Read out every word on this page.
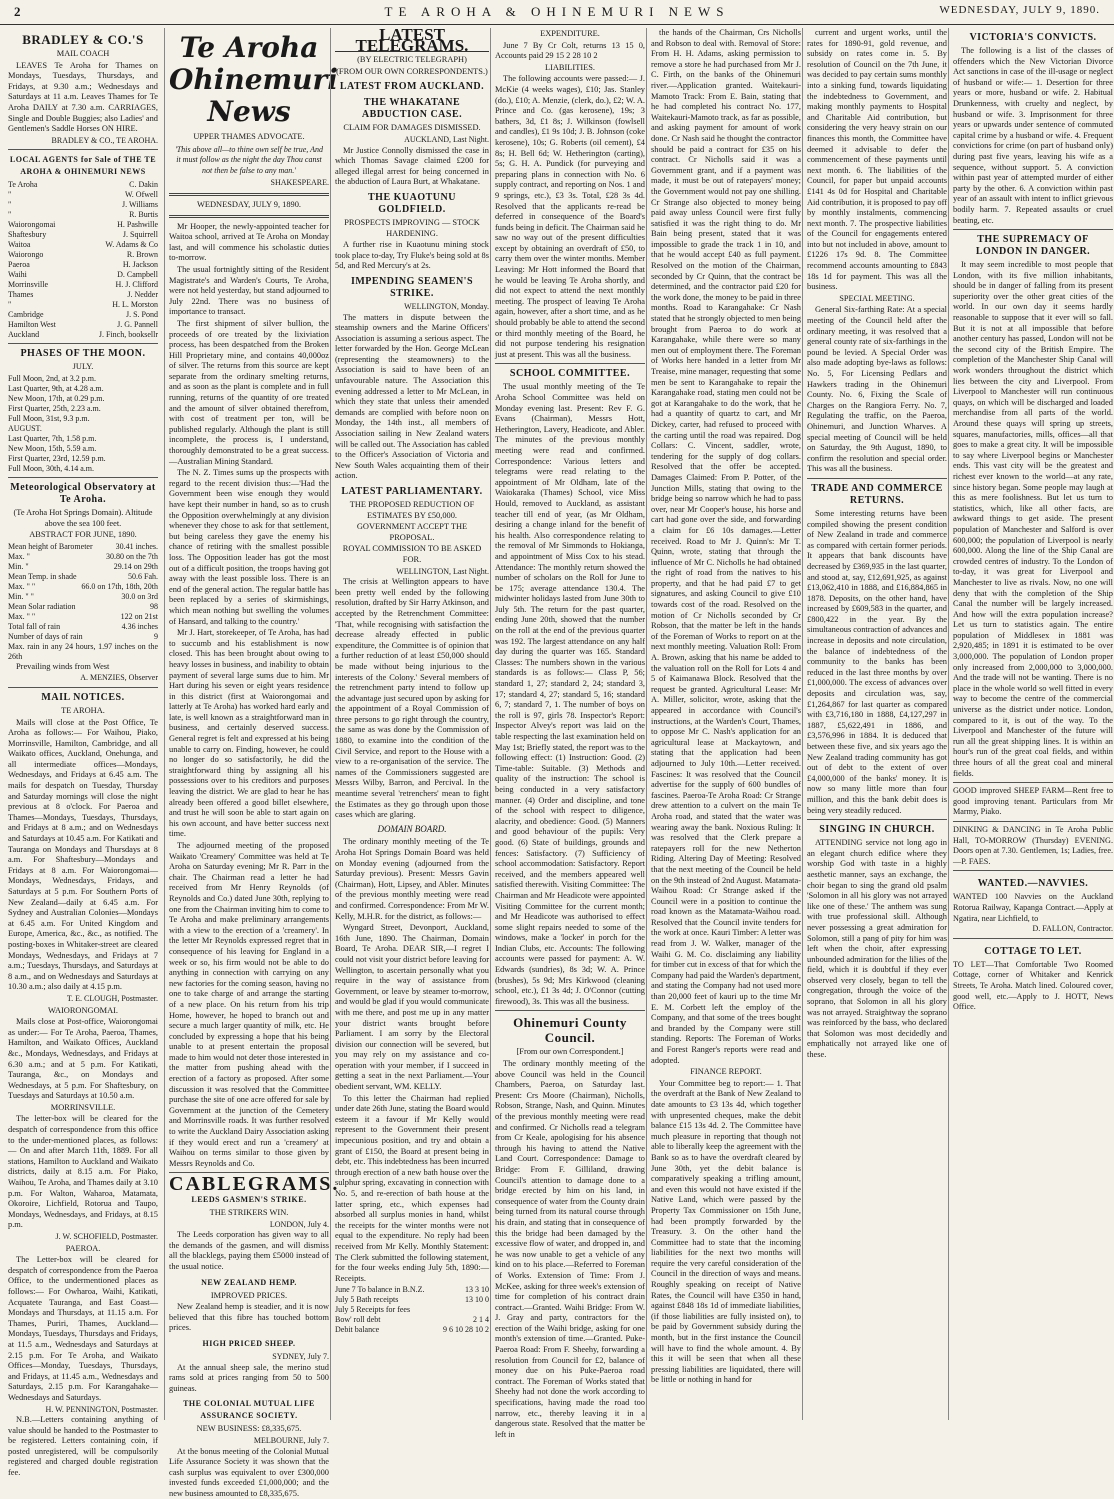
2	TE AROHA & OHINEMURI NEWS	WEDNESDAY, JULY 9, 1890.
BRADLEY & CO.'S
MAIL COACH

LEAVES Te Aroha for Thames on Mondays, Tuesdays, Thursdays, and Fridays, at 9.30 a.m.; Wednesdays and Saturdays at 11 a.m. Leaves Thames for Te Aroha DAILY at 7.30 a.m. CARRIAGES, Single and Double Buggies; also Ladies' and Gentlemen's Saddle Horses ON HIRE.

BRADLEY & CO., TE AROHA.
LOCAL AGENTS for Sale of THE TE AROHA & OHINEMURI NEWS
Te Aroha	C. Dakin
"	W. Ofwell
"	J. Williams
"	R. Burtis
Waiorongomai	H. Pashwille
Shaftesbury	J. Squirrell
Waitoa	W. Adams & Co
Waiorongo	R. Brown
Paeroa	H. Jackson
Waihi	D. Campbell
Morrinsville	H. J. Clifford
Thames	J. Nedder
"	H. L. Morston
Cambridge	J. S. Pond
Hamilton West	J. G. Pannell
Auckland	J. Finch, booksellr
PHASES OF THE MOON.
JULY.
Full Moon, 2nd, at 3.2 p.m.
Last Quarter, 9th, at 4.28 a.m.
New Moon, 17th, at 0.29 p.m.
First Quarter, 25th, 2.23 a.m.
Full Moon, 31st, 9.3 p.m.
AUGUST.
Last Quarter, 7th, 1.58 p.m.
New Moon, 15th, 5.59 a.m.
First Quarter, 23rd, 12.59 p.m.
Full Moon, 30th, 4.14 a.m.
Meteorological Observatory at Te Aroha.
(Te Aroha Hot Springs Domain). Altitude above the sea 100 feet.
ABSTRACT FOR JUNE, 1890.
Mean height of Barometer	30.41 inches.
Max. "	30.80 on the 7th
Min. "	29.14 on 29th
Mean Temp. in shade	50.6 Fah.
Max. " "	66.0 on 17th, 18th, 20th
Min. " "	30.0 on 3rd
Mean Solar radiation	98
Max. " "	122 on 21st
Total fall of rain	4.36 inches
Number of days of rain	9
Max. rain in any 24 hours, 1.97 inches on the 26th

Prevailing winds from West

A. MENZIES, Observer
MAIL NOTICES.
TE AROHA.

Mails will close at the Post Office, Te Aroha as follows:— For Waihou, Piako, Morrinsville, Hamilton, Cambridge, and all Waikato offices, Auckland, Onehunga, and all intermediate offices—Mondays, Wednesdays, and Fridays at 6.45 a.m. The mails for despatch on Tuesday, Thursday and Saturday mornings will close the night previous at 8 o'clock. For Paeroa and Thames—Mondays, Tuesdays, Thursdays, and Fridays at 8 a.m.; and on Wednesdays and Saturdays at 10.45 a.m. For Katikati and Tauranga on Mondays and Thursdays at 8 a.m. For Shaftesbury—Mondays and Fridays at 8 a.m. For Waiorongomai—Mondays, Wednesdays, Fridays, and Saturdays at 5 p.m. For Southern Ports of New Zealand—daily at 6.45 a.m. For Sydney and Australian Colonies—Mondays at 6.45 a.m. For United Kingdom and Europe, America, &c., &c., as notified. The posting-boxes in Whitaker-street are cleared Mondays, Wednesdays, and Fridays at 7 a.m.; Tuesdays, Thursdays, and Saturdays at 8 a.m., and on Wednesdays and Saturdays at 10.30 a.m.; also daily at 4.15 p.m.

T. E. CLOUGH, Postmaster.
WAIORONGOMAI.

Mails close at Post-office, Waiorongomai as under:— For Te Aroha, Paeroa, Thames, Hamilton, and Waikato Offices, Auckland &c., Mondays, Wednesdays, and Fridays at 6.30 a.m.; and at 5 p.m. For Katikati, Tauranga, &c., on Mondays and Wednesdays, at 5 p.m. For Shaftesbury, on Tuesdays and Saturdays at 10.50 a.m.

MORRINSVILLE.

The letter-box will be cleared for the despatch of correspondence from this office to the under-mentioned places, as follows:— On and after March 11th, 1889. For all stations, Hamilton to Auckland and Waikato districts, daily at 8.15 a.m. For Piako, Waihou, Te Aroha, and Thames daily at 3.10 p.m. For Walton, Waharoa, Matamata, Okoroire, Lichfield, Rotorua and Taupo, Mondays, Wednesdays, and Fridays, at 8.15 p.m.

J. W. SCHOFIELD, Postmaster.
PAEROA.

The Letter-box will be cleared for despatch of correspondence from the Paeroa Office, to the undermentioned places as follows:— For Owharoa, Waihi, Katikati, Acquatete Tauranga, and East Coast—Mondays and Thursdays, at 11.15 a.m. For Thames, Puriri, Thames, Auckland—Mondays, Tuesdays, Thursdays and Fridays, at 11.5 a.m., Wednesdays and Saturdays at 2.15 p.m. For Te Aroha, and Waikato Offices—Monday, Tuesdays, Thursdays, and Fridays, at 11.45 a.m., Wednesdays and Saturdays, 2.15 p.m. For Karangahake—Wednesdays and Saturdays.

H. W. PENNINGTON, Postmaster.

N.B.—Letters containing anything of value should be handed to the Postmaster to be registered. Letters containing coin, if posted unregistered, will be compulsorily registered and charged double registration fee.

Te Aroha
Ohinemuri News
UPPER THAMES ADVOCATE.
'This above all—to thine own self be true, And it must follow as the night the day Thou canst not then be false to any man.'
SHAKESPEARE.
WEDNESDAY, JULY 9, 1890.

Mr Hooper, the newly-appointed teacher for Waitoa school, arrived at Te Aroha on Monday last, and will commence his scholastic duties to-morrow.

The usual fortnightly sitting of the Resident Magistrate's and Warden's Courts, Te Aroha, were not held yesterday, but stand adjourned to July 22nd. There was no business of importance to transact.

The first shipment of silver bullion, the proceeds of ore treated by the lixiviation process, has been despatched from the Broken Hill Proprietary mine, and contains 40,000oz of silver. The returns from this source are kept separate from the ordinary smelting returns, and as soon as the plant is complete and in full running, returns of the quantity of ore treated and the amount of silver obtained therefrom, with cost of treatment per ton, will be published regularly. Although the plant is still incomplete, the process is, I understand, thoroughly demonstrated to be a great success.—Australian Mining Standard.

The N. Z. Times sums up the prospects with regard to the recent division thus:—'Had the Government been wise enough they would have kept their number in hand, so as to crush the Opposition overwhelmingly at any division whenever they chose to ask for that settlement, but being careless they gave the enemy his chance of retiring with the smallest possible loss. The Opposition leader has got the most out of a difficult position, the troops having got away with the least possible loss. There is an end of the general action. The regular battle has been replaced by a series of skirmishings, which mean nothing but swelling the volumes of Hansard, and talking to the country.'

Mr J. Hart, storekeeper, of Te Aroha, has had to succumb and his establishment is now closed. This has been brought about owing to heavy losses in business, and inability to obtain payment of several large sums due to him. Mr Hart during his seven or eight years residence in this district (first at Waiorongomai and latterly at Te Aroha) has worked hard early and late, is well known as a straightforward man in business, and certainly deserved success. General regret is felt and expressed at his being unable to carry on. Finding, however, he could no longer do so satisfactorily, he did the straightforward thing by assigning all his possessions over to his creditors and purposes leaving the district. We are glad to hear he has already been offered a good billet elsewhere, and trust he will soon be able to start again on his own account, and have better success next time.

The adjourned meeting of the proposed Waikato 'Creamery' Committee was held at Te Aroha on Saturday evening; Mr R. Parr in the chair. The Chairman read a letter he had received from Mr Henry Reynolds (of Reynolds and Co.) dated June 30th, replying to one from the Chairman inviting him to come to Te Aroha and make preliminary arrangements with a view to the erection of a 'creamery'. In the letter Mr Reynolds expressed regret that in consequence of his leaving for England in a week or so, his firm would not be able to do anything in connection with carrying on any new factories for the coming season, having no one to take charge of and arrange the starting of a new place. On his return from his trip Home, however, he hoped to branch out and secure a much larger quantity of milk, etc. He concluded by expressing a hope that his being unable to at present entertain the proposal made to him would not deter those interested in the matter from pushing ahead with the erection of a factory as proposed. After some discussion it was resolved that the Committee purchase the site of one acre offered for sale by Government at the junction of the Cemetery and Morrinsville roads. It was further resolved to write the Auckland Dairy Association asking if they would erect and run a 'creamery' at Waihou on terms similar to those given by Messrs Reynolds and Co.

CABLEGRAMS.
LEEDS GASMEN'S STRIKE.
THE STRIKERS WIN.
LONDON, July 4.

The Leeds corporation has given way to all the demands of the gasmen, and will dismiss all the blacklegs, paying them £5000 instead of the usual notice.

NEW ZEALAND HEMP.
IMPROVED PRICES.

New Zealand hemp is steadier, and it is now believed that this fibre has touched bottom prices.

HIGH PRICED SHEEP.
SYDNEY, July 7.

At the annual sheep sale, the merino stud rams sold at prices ranging from 50 to 500 guineas.

THE COLONIAL MUTUAL LIFE ASSURANCE SOCIETY.
NEW BUSINESS: £8,335,675.
MELBOURNE, July 7.

At the bonus meeting of the Colonial Mutual Life Assurance Society it was shown that the cash surplus was equivalent to over £300,000 invested funds exceeded £1,000,000; and the new business amounted to £8,335,675.

LATEST TELEGRAMS.
(BY ELECTRIC TELEGRAPH)
(FROM OUR OWN CORRESPONDENTS.)
LATEST FROM AUCKLAND.
THE WHAKATANE ABDUCTION CASE.
CLAIM FOR DAMAGES DISMISSED.
AUCKLAND, Last Night.

Mr Justice Connolly dismissed the case in which Thomas Savage claimed £200 for alleged illegal arrest for being concerned in the abduction of Laura Burt, at Whakatane.

THE KUAOTUNU GOLDFIELD.
PROSPECTS IMPROVING — STOCK HARDENING.

A further rise in Kuaotunu mining stock took place to-day, Try Fluke's being sold at 8s 5d, and Red Mercury's at 2s.

IMPENDING SEAMEN'S STRIKE.
WELLINGTON, Monday.

The matters in dispute between the steamship owners and the Marine Officers' Association is assuming a serious aspect. The letter forwarded by the Hon. George McLean (representing the steamowners) to the Association is said to have been of an unfavourable nature. The Association this evening addressed a letter to Mr McLean, in which they state that unless their amended demands are complied with before noon on Monday, the 14th inst., all members of Association sailing in New Zealand waters will be called out. The Association has cabled to the Officer's Association of Victoria and New South Wales acquainting them of their action.

LATEST PARLIAMENTARY.
THE PROPOSED REDUCTION OF ESTIMATES BY £50,000.
GOVERNMENT ACCEPT THE PROPOSAL.
ROYAL COMMISSION TO BE ASKED FOR.
WELLINGTON, Last Night.

The crisis at Wellington appears to have been pretty well ended by the following resolution, drafted by Sir Harry Atkinson, and accepted by the Retrenchment Committee: 'That, while recognising with satisfaction the decrease already effected in public expenditure, the Committee is of opinion that a further reduction of at least £50,000 should be made without being injurious to the interests of the Colony.' Several members of the retrenchment party intend to follow up the advantage just secured upon by asking for the appointment of a Royal Commission of three persons to go right through the country, the same as was done by the Commission of 1880, to examine into the condition of the Civil Service, and report to the House with a view to a re-organisation of the service. The names of the Commissioners suggested are Messrs Wilby, Barron, and Percival. In the meantime several 'retrenchers' mean to fight the Estimates as they go through upon those cases which are glaring.

DOMAIN BOARD.

The ordinary monthly meeting of the Te Aroha Hot Springs Domain Board was held on Monday evening (adjourned from the Saturday previous). Present: Messrs Gavin (Chairman), Hott, Lipsey, and Abler. Minutes of the previous monthly meeting were read and confirmed. Correspondence: From Mr W. Kelly, M.H.R. for the district, as follows:—

Wyngard Street, Devonport, Auckland, 16th June, 1890. The Chairman, Domain Board, Te Aroha. DEAR SIR,—I regret I could not visit your district before leaving for Wellington, to ascertain personally what you require in the way of assistance from Government, or leave by steamer to-morrow, and would be glad if you would communicate with me there, and post me up in any matter your district wants brought before Parliament. I am sorry by the Electoral division our connection will be severed, but you may rely on my assistance and co-operation with your member, if I succeed in getting a seat in the next Parliament.—Your obedient servant, WM. KELLY.

To this letter the Chairman had replied under date 26th June, stating the Board would esteem it a favour if Mr Kelly would represent to the Government their present impecunious position, and try and obtain a grant of £150, the Board at present being in debt, etc. This indebtedness has been incurred through erection of a new bath house over the sulphur spring, excavating in connection with No. 5, and re-erection of bath house at the latter spring, etc., which expenses had absorbed all surplus monies in hand, whilst the receipts for the winter months were not equal to the expenditure. No reply had been received from Mr Kelly. Monthly Statement: The Clerk submitted the following statement, for the four weeks ending July 5th, 1890:— Receipts.

June 7 To balance in B.N.Z.	13 3 10
July 5 Bath receipts	13 10 0
July 5 Receipts for fees
Bow' roll debt	2 1 4
Debit balance	9 6 10 28 10 2
EXPENDITURE.

June 7 By Cr Colt, returns 13 15 0, Accounts paid 29 15 2 28 10 2

LIABILITIES.

The following accounts were passed:— J. McKie (4 weeks wages), £10; Jas. Stanley (do.), £10; A. Menzie, (clerk, do.), £2; W. A. Prince and Co. (gas kerosene), 19s; 3 bathers, 3d, £1 8s; J. Wilkinson (fowlsell and candles), £1 9s 10d; J. B. Johnson (coke kerosene), 10s; G. Roberts (oil cement), £4 8s; H. Bell 6d; W. Hetherington (carting), 5s; G. H. A. Pundick (for purveying and preparing plans in connection with No. 6 supply contract, and reporting on Nos. 1 and 9 springs, etc.), £3 3s. Total, £28 3s 4d. Resolved that the applicants re-read be deferred in consequence of the Board's funds being in deficit. The Chairman said he saw no way out of the present difficulties except by obtaining an overdraft of £50, to carry them over the winter months. Member Leaving: Mr Hott informed the Board that he would be leaving Te Aroha shortly, and did not expect to attend the next monthly meeting. The prospect of leaving Te Aroha again, however, after a short time, and as he should probably be able to attend the second or third monthly meeting of the Board, he did not purpose tendering his resignation just at present. This was all the business.

SCHOOL COMMITTEE.

The usual monthly meeting of the Te Aroha School Committee was held on Monday evening last. Present: Rev F. G. Evans (Chairman), Messrs Hott, Hetherington, Lavery, Headicote, and Abler. The minutes of the previous monthly meeting were read and confirmed. Correspondence: Various letters and telegrams were read relating to the appointment of Mr Oldham, late of the Waiokaraka (Thames) School, vice Miss Hould, removed to Auckland, as assistant teacher till end of year, (as Mr Oldham, desiring a change inland for the benefit of his health. Also correspondence relating to the removal of Mr Simmonds to Hokianga, and appointment of Miss Cox to his stead. Attendance: The monthly return showed the number of scholars on the Roll for June to be 175; average attendance 130.4. The midwinter holidays lasted from June 30th to July 5th. The return for the past quarter, ending June 20th, showed that the number on the roll at the end of the previous quarter was 192. The largest attendance on any half day during the quarter was 165. Standard Classes: The numbers shown in the various standards is as follows:— Class P, 56; standard 1, 27; standard 2, 24; standard 3, 17; standard 4, 27; standard 5, 16; standard 6, 7; standard 7, 1. The number of boys on the roll is 97, girls 78. Inspector's Report: Inspector Alvey's report was laid on the table respecting the last examination held on May 1st; Briefly stated, the report was to the following effect: (1) Instruction: Good. (2) Time-table: Suitable. (3) Methods and quality of the instruction: The school is being conducted in a very satisfactory manner. (4) Order and discipline, and tone of the school with respect to diligence, alacrity, and obedience: Good. (5) Manners and good behaviour of the pupils: Very good. (6) State of buildings, grounds and fences: Satisfactory. (7) Sufficiency of school accommodation: Satisfactory. Report received, and the members appeared well satisfied therewith. Visiting Committee: The Chairman and Mr Headicote were appointed Visiting Committee for the current month; and Mr Headicote was authorised to effect some slight repairs needed to some of the windows, make a 'locker' in porch for the Indian Clubs, etc. Accounts: The following accounts were passed for payment: A. W. Edwards (sundries), 8s 3d; W. A. Prince (brushes), 5s 9d; Mrs Kirkwood (cleaning school, etc.), £1 3s 4d; J. O'Connor (cutting firewood), 3s. This was all the business.

Ohinemuri County Council.
[From our own Correspondent.]

The ordinary monthly meeting of the above Council was held in the Council Chambers, Paeroa, on Saturday last. Present: Crs Moore (Chairman), Nicholls, Robson, Strange, Nash, and Quinn. Minutes of the previous monthly meeting were read and confirmed. Cr Nicholls read a telegram from Cr Keale, apologising for his absence through his having to attend the Native Land Court. Correspondence: Damage to Bridge: From F. Gilliland, drawing Council's attention to damage done to a bridge erected by him on his land, in consequence of water from the County drain being turned from its natural course through his drain, and stating that in consequence of this the bridge had been damaged by the excessive flow of water, and dropped in, and he was now unable to get a vehicle of any kind on to his place.—Referred to Foreman of Works. Extension of Time: From J. McKee, asking for three week's extension of time for completion of his contract drain contract.—Granted. Waihi Bridge: From W. J. Gray and party, contractors for the erection of the Waihi bridge, asking for one month's extension of time.—Granted. Puke-Paeroa Road: From F. Sheehy, forwarding a resolution from Council for £2, balance of money due on his Puke-Paeroa road contract. The Foreman of Works stated that Sheehy had not done the work according to specifications, having made the road too narrow, etc., thereby leaving it in a dangerous state. Resolved that the matter be left in

the hands of the Chairman, Crs Nicholls and Robson to deal with. Removal of Store: From H. H. Adams, asking permission to remove a store he had purchased from Mr J. C. Firth, on the banks of the Ohinemuri river.—Application granted. Waitekauri-Mamoto Track: From E. Bain, stating that he had completed his contract No. 177, Waitekauri-Mamoto track, as far as possible, and asking payment for amount of work done. Cr Nash said he thought the contractor should be paid a contract for £35 on his contract. Cr Nicholls said it was a Government grant, and if a payment was made, it must be out of ratepayers' money; the Government would not pay one shilling. Cr Strange also objected to money being paid away unless Council were first fully satisfied it was the right thing to do. Mr Bain being present, stated that it was impossible to grade the track 1 in 10, and that he would accept £40 as full payment. Resolved on the motion of the Chairman, seconded by Cr Quinn, that the contract be determined, and the contractor paid £20 for the work done, the money to be paid in three months. Road to Karangahake: Cr Nash stated that he strongly objected to men being brought from Paeroa to do work at Karangahake, while there were so many men out of employment there. The Foreman of Works here handed in a letter from Mr Treaise, mine manager, requesting that some men be sent to Karangahake to repair the Karangahake road, stating men could not be got at Karangahake to do the work, that he had a quantity of quartz to cart, and Mr Dickey, carter, had refused to proceed with the carting until the road was repaired. Dog Collars: C. Vincent, saddler, wrote, tendering for the supply of dog collars. Resolved that the offer be accepted. Damages Claimed: From P. Potter, of the Junction Mills, stating that owing to the bridge being so narrow which he had to pass over, near Mr Cooper's house, his horse and cart had gone over the side, and forwarding a claim for £6 10s damages.—Letter received. Road to Mr J. Quinn's: Mr T. Quinn, wrote, stating that through the influence of Mr C. Nicholls he had obtained the right of road from the natives to his property, and that he had paid £7 to get signatures, and asking Council to give £10 towards cost of the road. Resolved on the motion of Cr Nicholls seconded by Cr Robson, that the matter be left in the hands of the Foreman of Works to report on at the next monthly meeting. Valuation Roll: From A. Brown, asking that his name be added to the valuation roll on the Roll for Lots 4 and 5 of Kaimanawa Block. Resolved that the request be granted. Agricultural Lease: Mr A. Miller, solicitor, wrote, asking that the appeared in accordance with Council's instructions, at the Warden's Court, Thames, to oppose Mr C. Nash's application for an agricultural lease at Mackaytown, and stating that the application had been adjourned to July 10th.—Letter received. Fascines: It was resolved that the Council advertise for the supply of 600 bundles of fascines. Paeroa-Te Aroha Road: Cr Strange drew attention to a culvert on the main Te Aroha road, and stated that the water was wearing away the bank. Noxious Ruling: It was resolved that the Clerk prepare a ratepayers roll for the new Netherton Riding. Altering Day of Meeting: Resolved that the next meeting of the Council be held on the 9th instead of 2nd August. Matamata-Waihou Road: Cr Strange asked if the Council were in a position to continue the road known as the Matamata-Waihou road. Resolved that the Council invite tenders for the work at once. Kauri Timber: A letter was read from J. W. Walker, manager of the Waihi G. M. Co. disclaiming any liability for timber cut in excess of that for which the Company had paid the Warden's department, and stating the Company had not used more than 20,000 feet of kauri up to the time Mr E. M. Corbett left the employ of the Company, and that some of the trees bought and branded by the Company were still standing. Reports: The Foreman of Works and Forest Ranger's reports were read and adopted.

FINANCE REPORT.

Your Committee beg to report:— 1. That the overdraft at the Bank of New Zealand to date amounts to £3 13s 4d, which together with unpresented cheques, make the debit balance £15 13s 4d. 2. The Committee have much pleasure in reporting that though not able to liberally keep the agreement with the Bank so as to have the overdraft cleared by June 30th, yet the debit balance is comparatively speaking a trifling amount, and even this would not have existed if the Native Land, which were passed by the Property Tax Commissioner on 15th June, had been promptly forwarded by the Treasury. 3. On the other hand the Committee had to state that the incoming liabilities for the next two months will require the very careful consideration of the Council in the direction of ways and means. Roughly speaking on receipt of Native Rates, the Council will have £350 in hand, against £848 18s 1d of immediate liabilities, (if those liabilities are fully insisted on), to be paid by Government subsidy during the month, but in the first instance the Council will have to find the whole amount. 4. By this it will be seen that when all these pressing liabilities are liquidated, there will be little or nothing in hand for

current and urgent works, until the rates for 1890-91, gold revenue, and subsidy on rates come in. 5. By resolution of Council on the 7th June, it was decided to pay certain sums monthly into a sinking fund, towards liquidating the indebtedness to Government, and making monthly payments to Hospital and Charitable Aid contribution, but considering the very heavy strain on our finances this month, the Committee have deemed it advisable to defer the commencement of these payments until next month. 6. The liabilities of the Council, for paper but unpaid accounts £141 4s 0d for Hospital and Charitable Aid contribution, it is proposed to pay off by monthly instalments, commencing next month. 7. The prospective liabilities of the Council for engagements entered into but not included in above, amount to £1226 17s 9d. 8. The Committee recommend accounts amounting to £843 18s 1d for payment. This was all the business.

SPECIAL MEETING.

General Six-farthing Rate: At a special meeting of the Council held after the ordinary meeting, it was resolved that a general county rate of six-farthings in the pound be levied. A Special Order was also made adopting bye-laws as follows: No. 5, For Licensing Pedlars and Hawkers trading in the Ohinemuri County. No. 6, Fixing the Scale of Charges on the Rangiora Ferry. No. 7, Regulating the traffic, on the Paeroa, Ohinemuri, and Junction Wharves. A special meeting of Council will be held on Saturday, the 9th August, 1890, to confirm the resolution and special order. This was all the business.

TRADE AND COMMERCE RETURNS.

Some interesting returns have been compiled showing the present condition of New Zealand in trade and commerce as compared with certain former periods. It appears that bank discounts have decreased by £369,935 in the last quarter, and stood at, say, £12,691,925, as against £13,062,410 in 1888, and £16,884,865 in 1878. Deposits, on the other hand, have increased by £609,583 in the quarter, and £800,422 in the year. By the simultaneous contraction of advances and increase in deposits and note circulation, the balance of indebtedness of the community to the banks has been reduced in the last three months by over £1,000,000. The excess of advances over deposits and circulation was, say, £1,264,867 for last quarter as compared with £3,716,180 in 1888, £4,127,297 in 1887, £5,622,491 in 1886, and £3,576,996 in 1884. It is deduced that between these five, and six years ago the New Zealand trading community has got out of debt to the extent of over £4,000,000 of the banks' money. It is now so many little more than four million, and this the bank debit does is being very steadily reduced.

SINGING IN CHURCH.

ATTENDING service not long ago in an elegant church edifice where they worship God with taste in a highly aesthetic manner, says an exchange, the choir began to sing the grand old psalm 'Solomon in all his glory was not arrayed like one of these.' The anthem was sung with true professional skill. Although never possessing a great admiration for Solomon, still a pang of pity for him was left when the choir, after expressing unbounded admiration for the lilies of the field, which it is doubtful if they ever observed very closely, began to tell the congregation, through the voice of the soprano, that Solomon in all his glory was not arrayed. Straightway the soprano was reinforced by the bass, who declared that Solomon was most decidedly and emphatically not arrayed like one of these.

VICTORIA'S CONVICTS.

The following is a list of the classes of offenders which the New Victorian Divorce Act sanctions in case of the ill-usage or neglect of husband or wife:— 1. Desertion for three years or more, husband or wife. 2. Habitual Drunkenness, with cruelty and neglect, by husband or wife. 3. Imprisonment for three years or upwards under sentence of commuted capital crime by a husband or wife. 4. Frequent convictions for crime (on part of husband only) during past five years, leaving his wife as a sequence, without support. 5. A conviction within past year of attempted murder of either party by the other. 6. A conviction within past year of an assault with intent to inflict grievous bodily harm. 7. Repeated assaults or cruel beating, etc.

THE SUPREMACY OF LONDON IN DANGER.

It may seem incredible to most people that London, with its five million inhabitants, should be in danger of falling from its present superiority over the other great cities of the world. In our own day it seems hardly reasonable to suppose that it ever will so fall. But it is not at all impossible that before another century has passed, London will not be the second city of the British Empire. The completion of the Manchester Ship Canal will work wonders throughout the district which lies between the city and Liverpool. From Liverpool to Manchester will run continuous quays, on which will be discharged and loaded merchandise from all parts of the world. Around these quays will spring up streets, squares, manufactories, mills, offices—all that goes to make a great city. It will be impossible to say where Liverpool begins or Manchester ends. This vast city will be the greatest and richest ever known to the world—at any rate, since history began. Some people may laugh at this as mere foolishness. But let us turn to statistics, which, like all other facts, are awkward things to get aside. The present population of Manchester and Salford is over 600,000; the population of Liverpool is nearly 600,000. Along the line of the Ship Canal are crowded centres of industry. To the London of to-day, it was great for Liverpool and Manchester to live as rivals. Now, no one will deny that with the completion of the Ship Canal the number will be largely increased. And how will the extra population increase? Let us turn to statistics again. The entire population of Middlesex in 1881 was 2,920,485; in 1891 it is estimated to be over 3,000,000. The population of London proper only increased from 2,000,000 to 3,000,000. And the trade will not be wanting. There is no place in the whole world so well fitted in every way to become the centre of the commercial universe as the district under notice. London, compared to it, is out of the way. To the Liverpool and Manchester of the future will run all the great shipping lines. It is within an hour's run of the great coal fields, and within three hours of all the great coal and mineral fields.

GOOD improved SHEEP FARM—Rent free to good improving tenant. Particulars from Mr Marmy, Piako.
DINKING & DANCING in Te Aroha Public Hall, TO-MORROW (Thursday) EVENING. Doors open at 7.30. Gentlemen, 1s; Ladies, free.—P. FAES.
WANTED.—NAVVIES.
WANTED 100 Navvies on the Auckland Rotorua Railway, Kapanga Contract.—Apply at Ngatira, near Lichfield, to
D. FALLON, Contractor.
COTTAGE TO LET.
TO LET—That Comfortable Two Roomed Cottage, corner of Whitaker and Kenrick Streets, Te Aroha. Match lined. Coloured cover, good well, etc.—Apply to J. HOTT, News Office.
